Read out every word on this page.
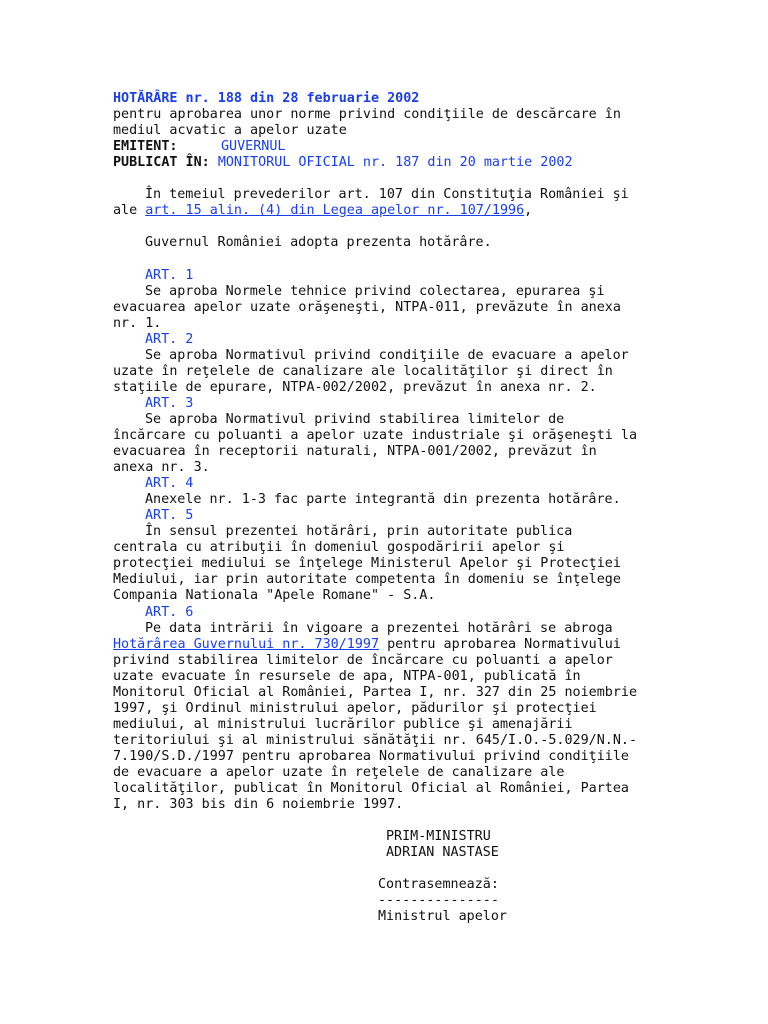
HOTĂRÂRE nr. 188 din 28 februarie 2002
pentru aprobarea unor norme privind condiţiile de descărcare în
mediul acvatic a apelor uzate
EMITENT:	GUVERNUL
PUBLICAT ÎN: MONITORUL OFICIAL nr. 187 din 20 martie 2002
În temeiul prevederilor art. 107 din Constituţia României şi
ale art. 15 alin. (4) din Legea apelor nr. 107/1996,
Guvernul României adopta prezenta hotărâre.
ART. 1
Se aproba Normele tehnice privind colectarea, epurarea şi
evacuarea apelor uzate orăşeneşti, NTPA-011, prevăzute în anexa
nr. 1.
ART. 2
Se aproba Normativul privind condiţiile de evacuare a apelor
uzate în reţelele de canalizare ale localităţilor şi direct în
staţiile de epurare, NTPA-002/2002, prevăzut în anexa nr. 2.
ART. 3
Se aproba Normativul privind stabilirea limitelor de
încărcare cu poluanti a apelor uzate industriale şi orăşeneşti la
evacuarea în receptorii naturali, NTPA-001/2002, prevăzut în
anexa nr. 3.
ART. 4
Anexele nr. 1-3 fac parte integrantă din prezenta hotărâre.
ART. 5
În sensul prezentei hotărâri, prin autoritate publica
centrala cu atribuţii în domeniul gospodăririi apelor şi
protecţiei mediului se înţelege Ministerul Apelor şi Protecţiei
Mediului, iar prin autoritate competenta în domeniu se înţelege
Compania Nationala "Apele Romane" - S.A.
ART. 6
Pe data intrării în vigoare a prezentei hotărâri se abroga
Hotărârea Guvernului nr. 730/1997 pentru aprobarea Normativului
privind stabilirea limitelor de încărcare cu poluanti a apelor
uzate evacuate în resursele de apa, NTPA-001, publicată în
Monitorul Oficial al României, Partea I, nr. 327 din 25 noiembrie
1997, şi Ordinul ministrului apelor, pădurilor şi protecţiei
mediului, al ministrului lucrărilor publice şi amenajării
teritoriului şi al ministrului sănătăţii nr. 645/I.O.-5.029/N.N.-
7.190/S.D./1997 pentru aprobarea Normativului privind condiţiile
de evacuare a apelor uzate în reţelele de canalizare ale
localităţilor, publicat în Monitorul Oficial al României, Partea
I, nr. 303 bis din 6 noiembrie 1997.
PRIM-MINISTRU
ADRIAN NASTASE
Contrasemnează:
---------------
Ministrul apelor
